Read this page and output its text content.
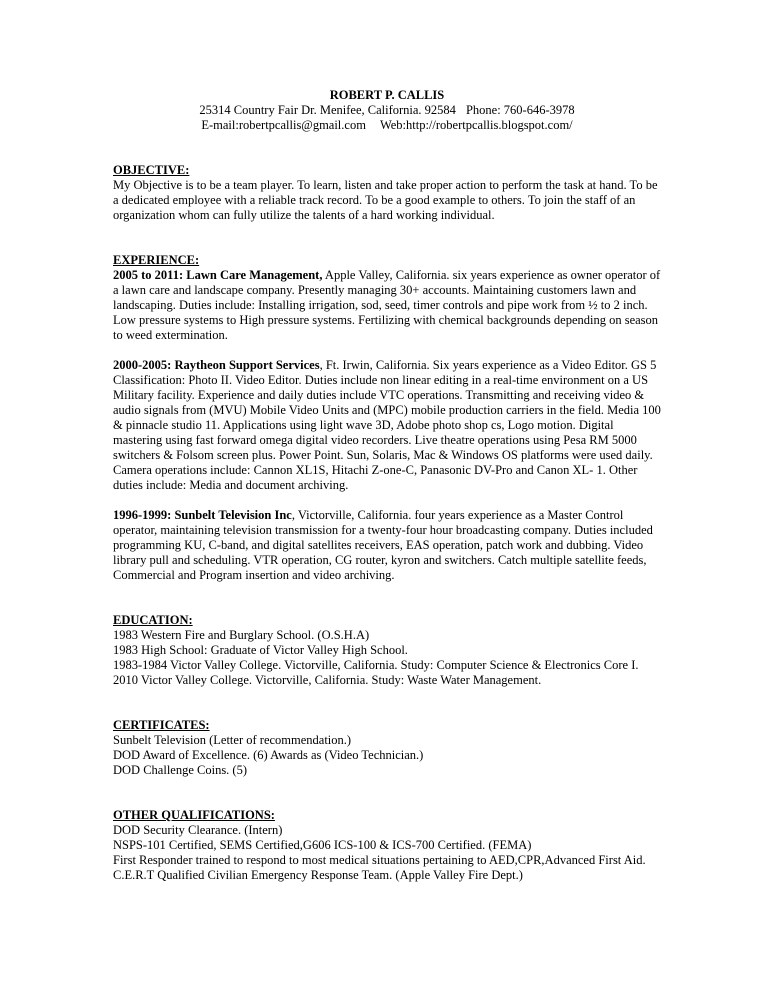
ROBERT P. CALLIS
25314 Country Fair Dr. Menifee, California. 92584 Phone: 760-646-3978
E-mail:robertpcallis@gmail.com Web:http://robertpcallis.blogspot.com/
OBJECTIVE:

My Objective is to be a team player. To learn, listen and take proper action to perform the task at hand. To be a dedicated employee with a reliable track record. To be a good example to others. To join the staff of an organization whom can fully utilize the talents of a hard working individual.

EXPERIENCE:

2005 to 2011: Lawn Care Management, Apple Valley, California. six years experience as owner operator of a lawn care and landscape company. Presently managing 30+ accounts. Maintaining customers lawn and landscaping. Duties include: Installing irrigation, sod, seed, timer controls and pipe work from ½ to 2 inch. Low pressure systems to High pressure systems. Fertilizing with chemical backgrounds depending on season to weed extermination.

2000-2005: Raytheon Support Services, Ft. Irwin, California. Six years experience as a Video Editor. GS 5 Classification: Photo II. Video Editor. Duties include non linear editing in a real-time environment on a US Military facility. Experience and daily duties include VTC operations. Transmitting and receiving video & audio signals from (MVU) Mobile Video Units and (MPC) mobile production carriers in the field. Media 100 & pinnacle studio 11. Applications using light wave 3D, Adobe photo shop cs, Logo motion. Digital mastering using fast forward omega digital video recorders. Live theatre operations using Pesa RM 5000 switchers & Folsom screen plus. Power Point. Sun, Solaris, Mac & Windows OS platforms were used daily. Camera operations include: Cannon XL1S, Hitachi Z-one-C, Panasonic DV-Pro and Canon XL- 1. Other duties include: Media and document archiving.

1996-1999: Sunbelt Television Inc, Victorville, California. four years experience as a Master Control operator, maintaining television transmission for a twenty-four hour broadcasting company. Duties included programming KU, C-band, and digital satellites receivers, EAS operation, patch work and dubbing. Video library pull and scheduling. VTR operation, CG router, kyron and switchers. Catch multiple satellite feeds, Commercial and Program insertion and video archiving.

EDUCATION:
1983 Western Fire and Burglary School. (O.S.H.A)
1983 High School: Graduate of Victor Valley High School.
1983-1984 Victor Valley College. Victorville, California. Study: Computer Science & Electronics Core I.
2010 Victor Valley College. Victorville, California. Study: Waste Water Management.
CERTIFICATES:
Sunbelt Television (Letter of recommendation.)
DOD Award of Excellence. (6) Awards as (Video Technician.)
DOD Challenge Coins. (5)
OTHER QUALIFICATIONS:
DOD Security Clearance. (Intern)
NSPS-101 Certified, SEMS Certified,G606 ICS-100 & ICS-700 Certified. (FEMA)
First Responder trained to respond to most medical situations pertaining to AED,CPR,Advanced First Aid.
C.E.R.T Qualified Civilian Emergency Response Team. (Apple Valley Fire Dept.)
